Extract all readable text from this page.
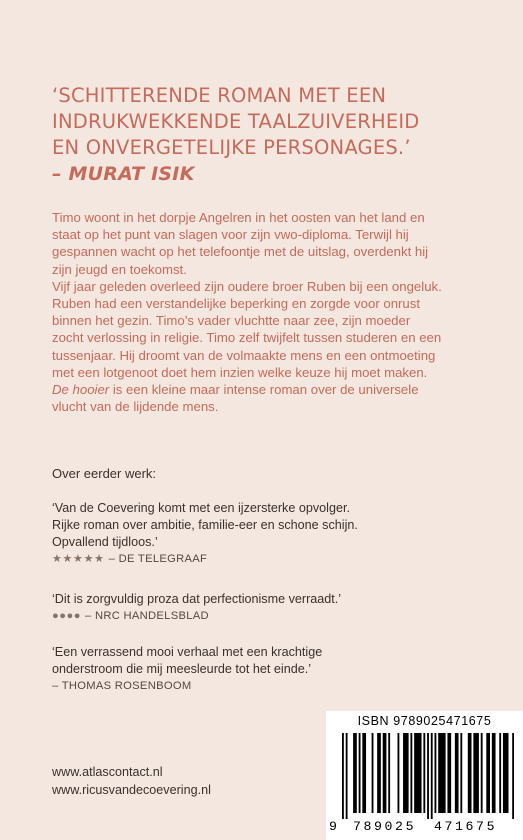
‘SCHITTERENDE ROMAN MET EEN
INDRUKWEKKENDE TAALZUIVERHEID
EN ONVERGETELIJKE PERSONAGES.’
– MURAT ISIK

Timo woont in het dorpje Angelren in het oosten van het land en
staat op het punt van slagen voor zijn vwo-diploma. Terwijl hij
gespannen wacht op het telefoontje met de uitslag, overdenkt hij
zijn jeugd en toekomst.
Vijf jaar geleden overleed zijn oudere broer Ruben bij een ongeluk.
Ruben had een verstandelijke beperking en zorgde voor onrust
binnen het gezin. Timo’s vader vluchtte naar zee, zijn moeder
zocht verlossing in religie. Timo zelf twijfelt tussen studeren en een
tussenjaar. Hij droomt van de volmaakte mens en een ontmoeting
met een lotgenoot doet hem inzien welke keuze hij moet maken.
De hooier is een kleine maar intense roman over de universele
vlucht van de lijdende mens.
Over eerder werk:
‘Van de Coevering komt met een ijzersterke opvolger.
Rijke roman over ambitie, familie-eer en schone schijn.
Opvallend tijdloos.’
★★★★★ – DE TELEGRAAF
‘Dit is zorgvuldig proza dat perfectionisme verraadt.’
●●●● – NRC HANDELSBLAD
‘Een verrassend mooi verhaal met een krachtige
onderstroom die mij meesleurde tot het einde.’
– THOMAS ROSENBOOM
www.atlascontact.nl
www.ricusvandecoevering.nl
ISBN 9789025471675
9 789025 471675
